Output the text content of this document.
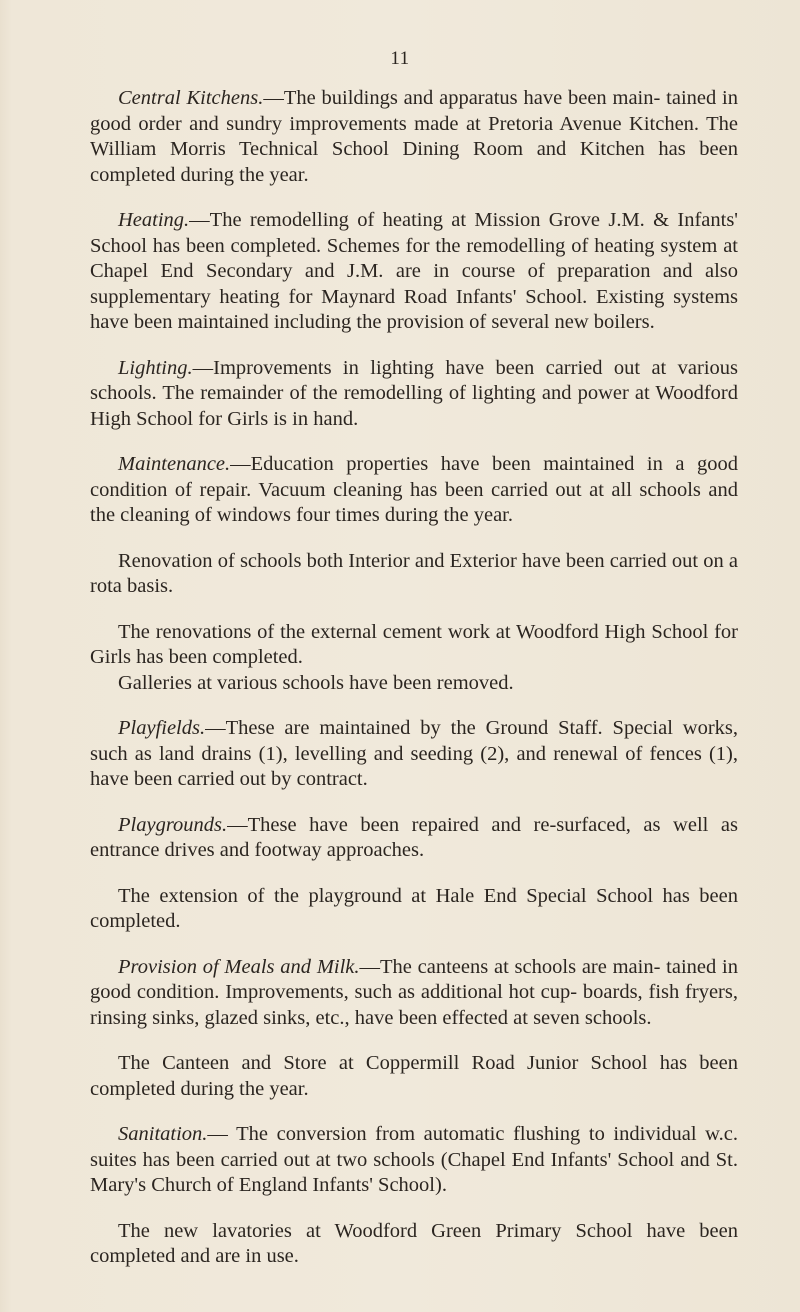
11

Central Kitchens.—The buildings and apparatus have been main- tained in good order and sundry improvements made at Pretoria Avenue Kitchen. The William Morris Technical School Dining Room and Kitchen has been completed during the year.

Heating.—The remodelling of heating at Mission Grove J.M. & Infants' School has been completed. Schemes for the remodelling of heating system at Chapel End Secondary and J.M. are in course of preparation and also supplementary heating for Maynard Road Infants' School. Existing systems have been maintained including the provision of several new boilers.

Lighting.—Improvements in lighting have been carried out at various schools. The remainder of the remodelling of lighting and power at Woodford High School for Girls is in hand.

Maintenance.—Education properties have been maintained in a good condition of repair. Vacuum cleaning has been carried out at all schools and the cleaning of windows four times during the year.

Renovation of schools both Interior and Exterior have been carried out on a rota basis.

The renovations of the external cement work at Woodford High School for Girls has been completed.

Galleries at various schools have been removed.

Playfields.—These are maintained by the Ground Staff. Special works, such as land drains (1), levelling and seeding (2), and renewal of fences (1), have been carried out by contract.

Playgrounds.—These have been repaired and re-surfaced, as well as entrance drives and footway approaches.

The extension of the playground at Hale End Special School has been completed.

Provision of Meals and Milk.—The canteens at schools are main- tained in good condition. Improvements, such as additional hot cup- boards, fish fryers, rinsing sinks, glazed sinks, etc., have been effected at seven schools.

The Canteen and Store at Coppermill Road Junior School has been completed during the year.

Sanitation.— The conversion from automatic flushing to individual w.c. suites has been carried out at two schools (Chapel End Infants' School and St. Mary's Church of England Infants' School).

The new lavatories at Woodford Green Primary School have been completed and are in use.
